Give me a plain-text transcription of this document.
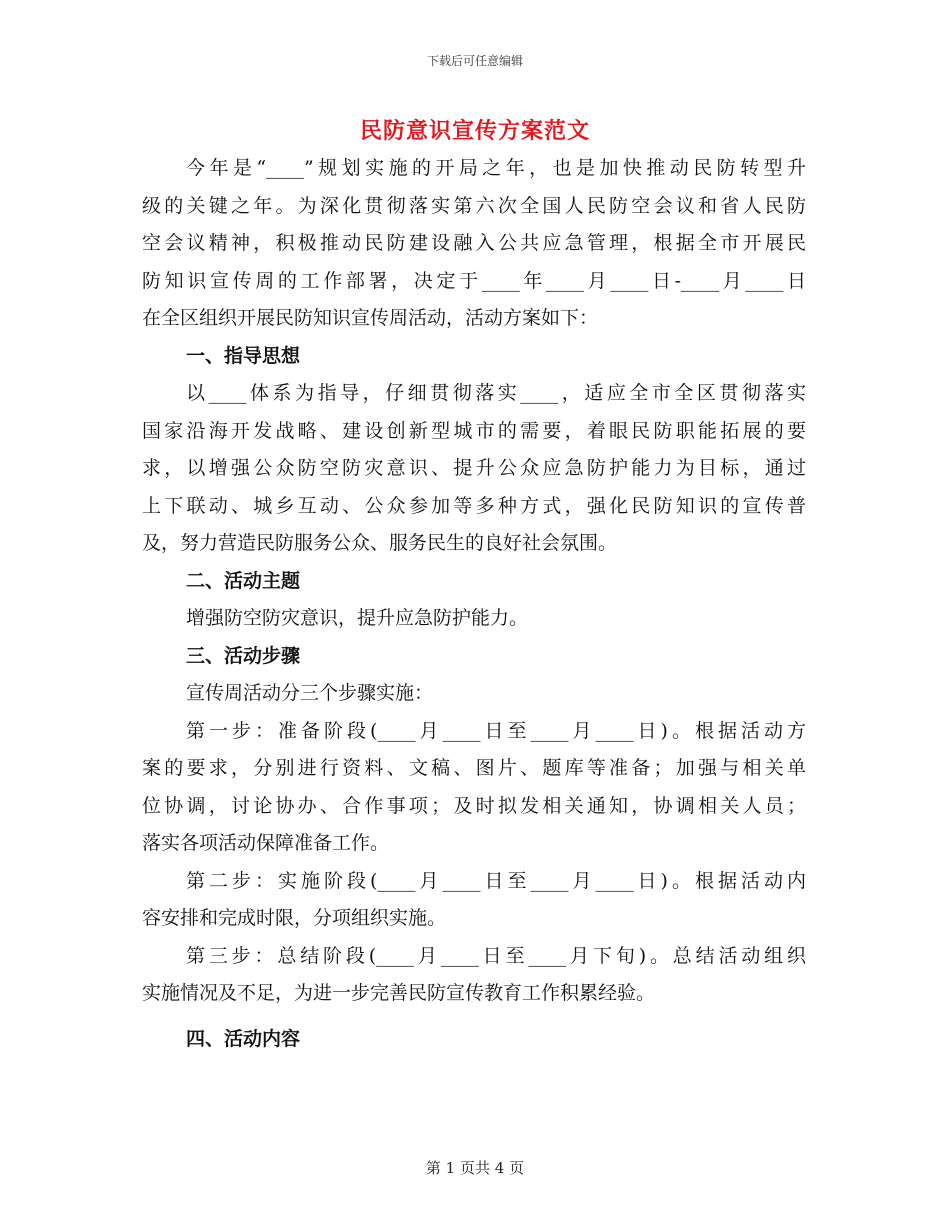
下载后可任意编辑
民防意识宣传方案范文
今年是“____”规划实施的开局之年，也是加快推动民防转型升
级的关键之年。为深化贯彻落实第六次全国人民防空会议和省人民防
空会议精神，积极推动民防建设融入公共应急管理，根据全市开展民
防知识宣传周的工作部署，决定于____年____月____日-____月____日
在全区组织开展民防知识宣传周活动，活动方案如下：
一、指导思想
以____体系为指导，仔细贯彻落实____，适应全市全区贯彻落实
国家沿海开发战略、建设创新型城市的需要，着眼民防职能拓展的要
求，以增强公众防空防灾意识、提升公众应急防护能力为目标，通过
上下联动、城乡互动、公众参加等多种方式，强化民防知识的宣传普
及，努力营造民防服务公众、服务民生的良好社会氛围。
二、活动主题
增强防空防灾意识，提升应急防护能力。
三、活动步骤
宣传周活动分三个步骤实施：
第一步：准备阶段(____月____日至____月____日)。根据活动方
案的要求，分别进行资料、文稿、图片、题库等准备；加强与相关单
位协调，讨论协办、合作事项；及时拟发相关通知，协调相关人员；
落实各项活动保障准备工作。
第二步：实施阶段(____月____日至____月____日)。根据活动内
容安排和完成时限，分项组织实施。
第三步：总结阶段(____月____日至____月下旬)。总结活动组织
实施情况及不足，为进一步完善民防宣传教育工作积累经验。
四、活动内容
第 1 页共 4 页
